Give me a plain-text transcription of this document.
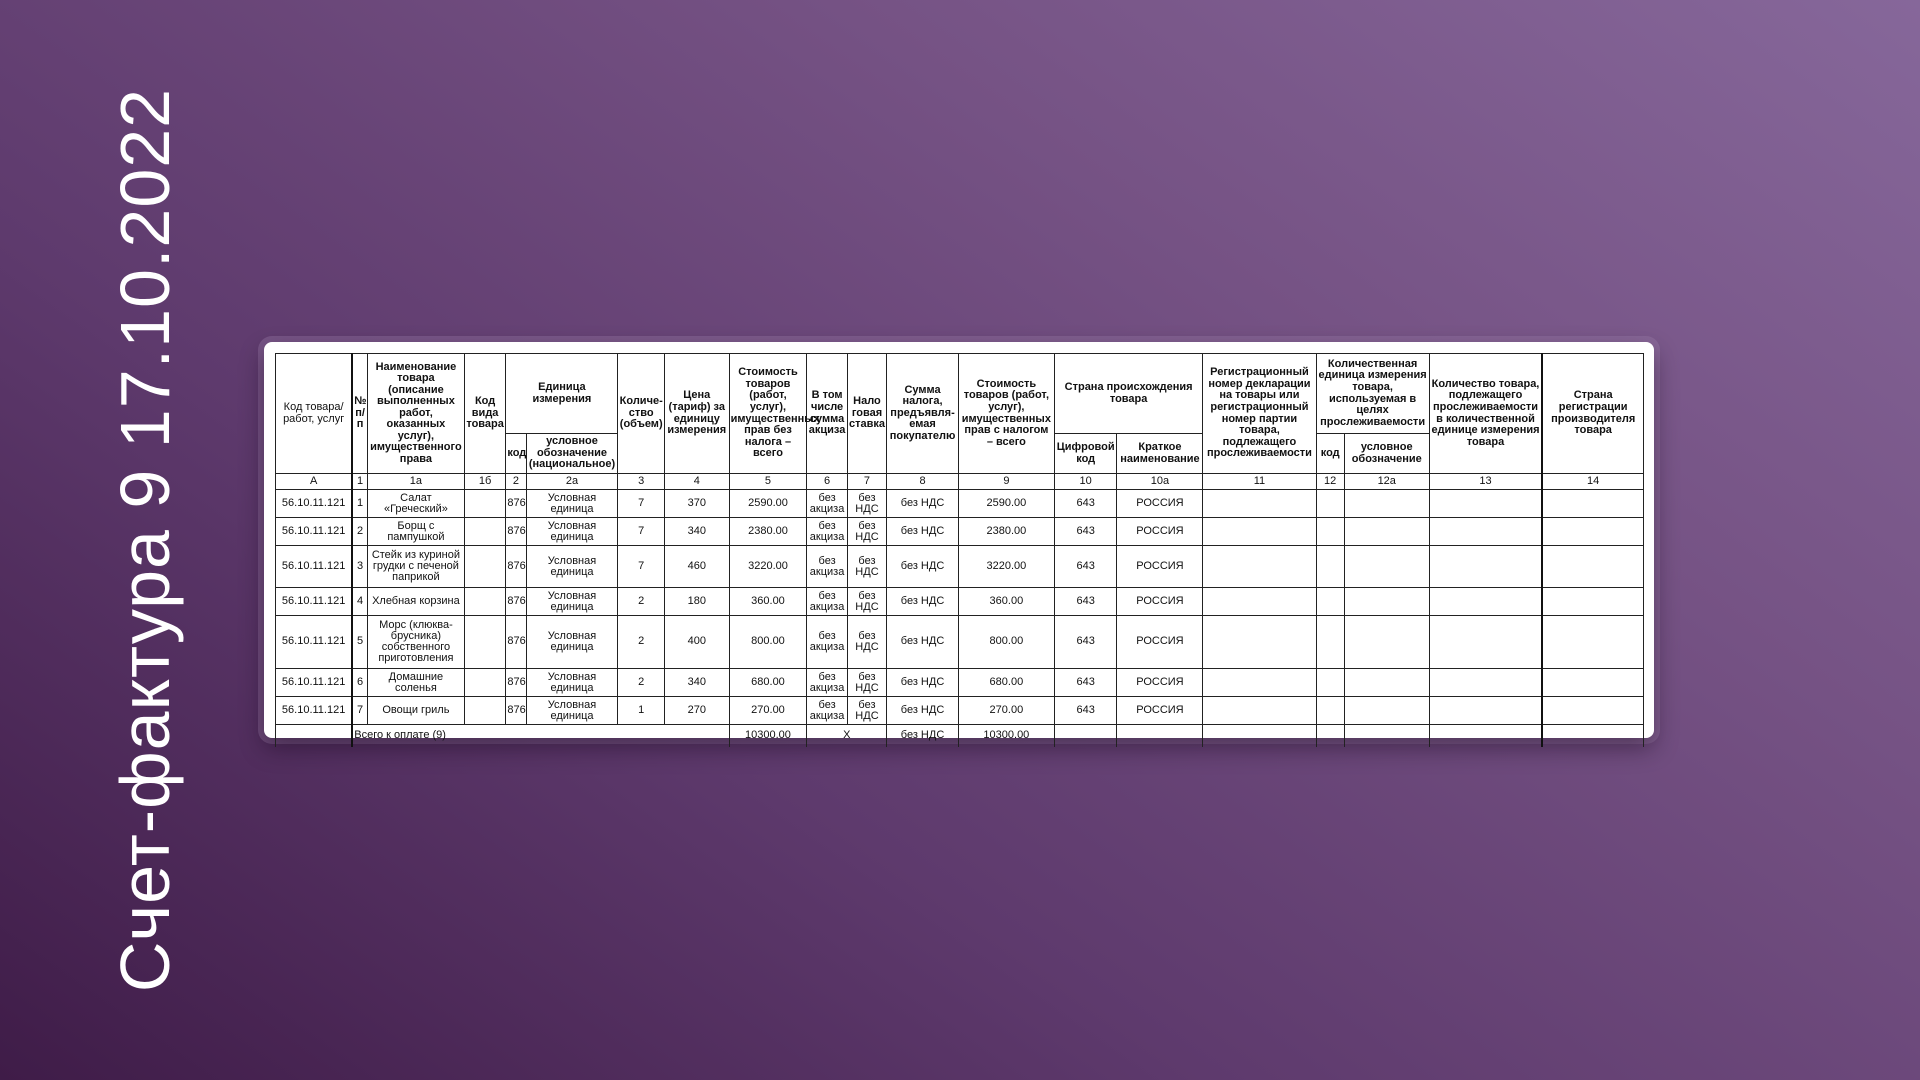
Счет-фактура 9 17.10.2022	Код товара/ работ, услуг	№ п/п	Наименование товара (описание выполненных работ, оказанных услуг), имущественного права	Код вида товара	Единица измерения		Количе- ство (объем)	Цена (тариф) за единицу измерения	Стоимость товаров (работ, услуг), имущественных прав без налога – всего	В том числе сумма акциза	Нало говая ставка	Сумма налога, предъявля- емая покупателю	Стоимость товаров (работ, услуг), имущественных прав с налогом – всего	Страна происхождения товара		Регистрационный номер декларации на товары или регистрационный номер партии товара, подлежащего прослеживаемости	Количественная единица измерения товара, используемая в целях прослеживаемости		Количество товара, подлежащего прослеживаемости в количественной единице измерения товара	Страна регистрации производителя товара
				код	условное обозначение (национальное)								Цифровой код	Краткое наименование		код	условное обозначение		
А	1	1а	1б	2	2а	3	4	5	6	7	8	9	10	10а	11	12	12а	13	14
56.10.11.121	1	Салат «Греческий»		876	Условная единица	7	370	2590.00	без акциза	без НДС	без НДС	2590.00	643	РОССИЯ					
56.10.11.121	2	Борщ с пампушкой		876	Условная единица	7	340	2380.00	без акциза	без НДС	без НДС	2380.00	643	РОССИЯ					
56.10.11.121	3	Стейк из куриной грудки с печеной паприкой		876	Условная единица	7	460	3220.00	без акциза	без НДС	без НДС	3220.00	643	РОССИЯ					
56.10.11.121	4	Хлебная корзина		876	Условная единица	2	180	360.00	без акциза	без НДС	без НДС	360.00	643	РОССИЯ					
56.10.11.121	5	Морс (клюква-брусника) собственного приготовления		876	Условная единица	2	400	800.00	без акциза	без НДС	без НДС	800.00	643	РОССИЯ					
56.10.11.121	6	Домашние соленья		876	Условная единица	2	340	680.00	без акциза	без НДС	без НДС	680.00	643	РОССИЯ					
56.10.11.121	7	Овощи гриль		876	Условная единица	1	270	270.00	без акциза	без НДС	без НДС	270.00	643	РОССИЯ					
	Всего к оплате (9)							10300.00	Х		без НДС	10300.00							
